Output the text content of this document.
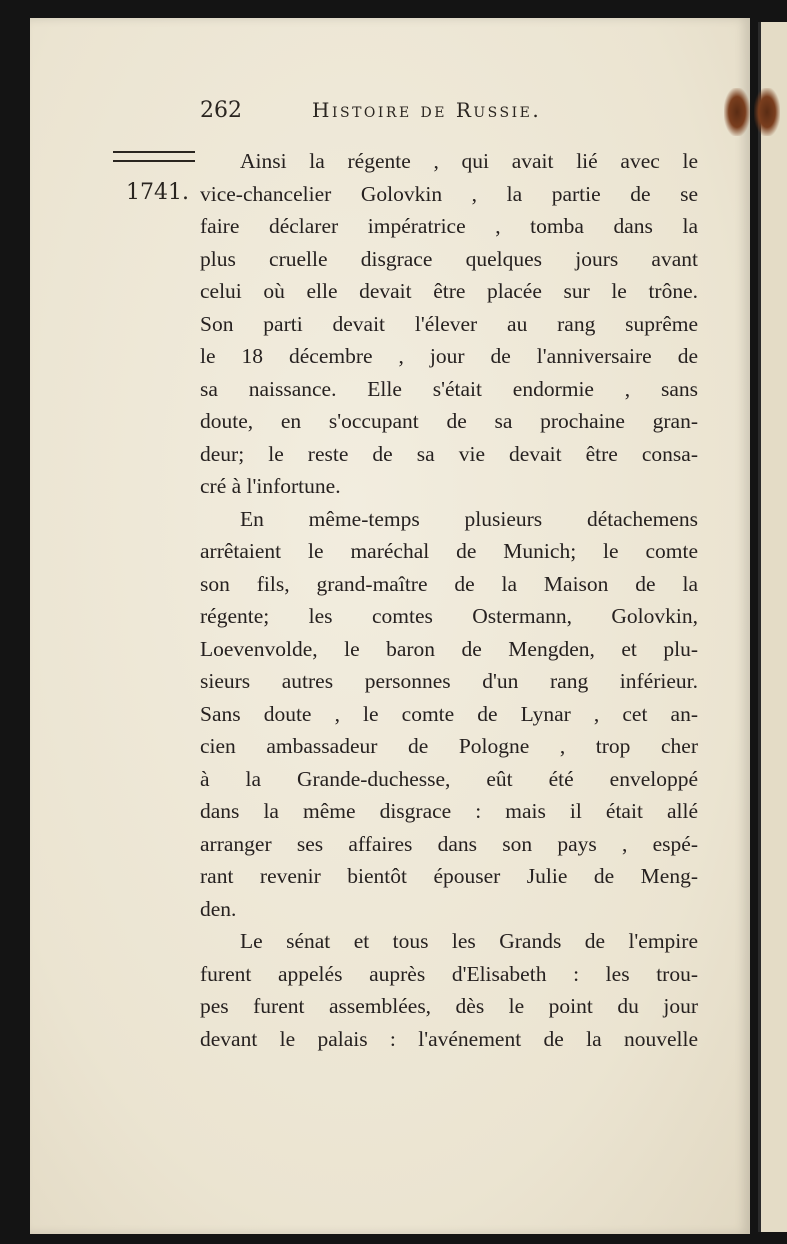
262	Histoire de Russie.
1741.
Ainsi la régente , qui avait lié avec le
vice-chancelier Golovkin , la partie de se
faire déclarer impératrice , tomba dans la
plus cruelle disgrace quelques jours avant
celui où elle devait être placée sur le trône.
Son parti devait l'élever au rang suprême
le 18 décembre , jour de l'anniversaire de
sa naissance. Elle s'était endormie , sans
doute, en s'occupant de sa prochaine gran-
deur; le reste de sa vie devait être consa-
cré à l'infortune.
En même-temps plusieurs détachemens
arrêtaient le maréchal de Munich; le comte
son fils, grand-maître de la Maison de la
régente; les comtes Ostermann, Golovkin,
Loevenvolde, le baron de Mengden, et plu-
sieurs autres personnes d'un rang inférieur.
Sans doute , le comte de Lynar , cet an-
cien ambassadeur de Pologne , trop cher
à la Grande-duchesse, eût été enveloppé
dans la même disgrace : mais il était allé
arranger ses affaires dans son pays , espé-
rant revenir bientôt épouser Julie de Meng-
den.
Le sénat et tous les Grands de l'empire
furent appelés auprès d'Elisabeth : les trou-
pes furent assemblées, dès le point du jour
devant le palais : l'avénement de la nouvelle
